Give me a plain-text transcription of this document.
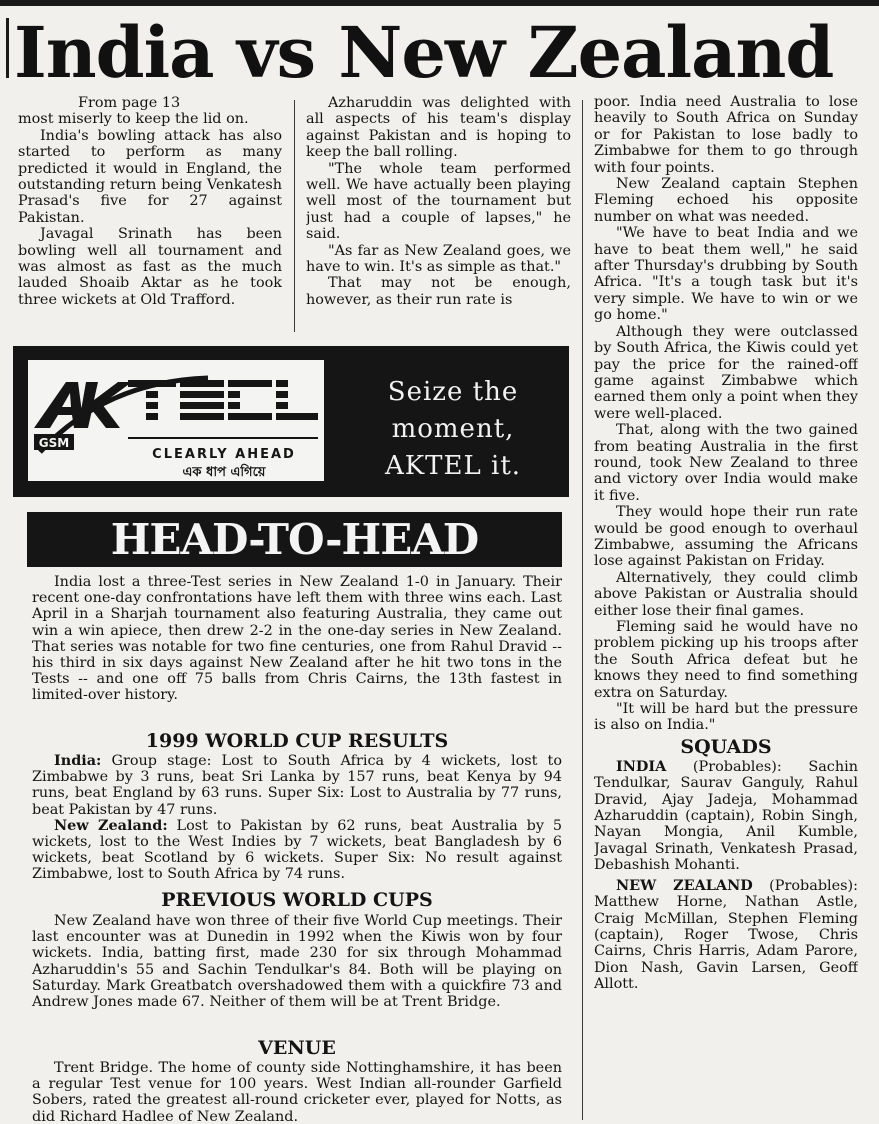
India vs New Zealand

From page 13

most miserly to keep the lid on.

India's bowling attack has also started to perform as many predicted it would in England, the outstanding return being Venkatesh Prasad's five for 27 against Pakistan.

Javagal Srinath has been bowling well all tournament and was almost as fast as the much lauded Shoaib Aktar as he took three wickets at Old Trafford.

Azharuddin was delighted with all aspects of his team's display against Pakistan and is hoping to keep the ball rolling.

"The whole team performed well. We have actually been playing well most of the tournament but just had a couple of lapses," he said.

"As far as New Zealand goes, we have to win. It's as simple as that."

That may not be enough, however, as their run rate is

poor. India need Australia to lose heavily to South Africa on Sunday or for Pakistan to lose badly to Zimbabwe for them to go through with four points.

New Zealand captain Stephen Fleming echoed his opposite number on what was needed.

"We have to beat India and we have to beat them well," he said after Thursday's drubbing by South Africa. "It's a tough task but it's very simple. We have to win or we go home."

Although they were outclassed by South Africa, the Kiwis could yet pay the price for the rained-off game against Zimbabwe which earned them only a point when they were well-placed.

That, along with the two gained from beating Australia in the first round, took New Zealand to three and victory over India would make it five.

They would hope their run rate would be good enough to overhaul Zimbabwe, assuming the Africans lose against Pakistan on Friday.

Alternatively, they could climb above Pakistan or Australia should either lose their final games.

Fleming said he would have no problem picking up his troops after the South Africa defeat but he knows they need to find something extra on Saturday.

"It will be hard but the pressure is also on India."

SQUADS

INDIA (Probables): Sachin Tendulkar, Saurav Ganguly, Rahul Dravid, Ajay Jadeja, Mohammad Azharuddin (captain), Robin Singh, Nayan Mongia, Anil Kumble, Javagal Srinath, Venkatesh Prasad, Debashish Mohanti.

NEW ZEALAND (Probables): Matthew Horne, Nathan Astle, Craig McMillan, Stephen Fleming (captain), Roger Twose, Chris Cairns, Chris Harris, Adam Parore, Dion Nash, Gavin Larsen, Geoff Allott.

GSM
CLEARLY AHEAD
এক ধাপ এগিয়ে
Seize the
moment,
AKTEL it.
HEAD-TO-HEAD

India lost a three-Test series in New Zealand 1-0 in January. Their recent one-day confrontations have left them with three wins each. Last April in a Sharjah tournament also featuring Australia, they came out win a win apiece, then drew 2-2 in the one-day series in New Zealand. That series was notable for two fine centuries, one from Rahul Dravid -- his third in six days against New Zealand after he hit two tons in the Tests -- and one off 75 balls from Chris Cairns, the 13th fastest in limited-over history.

1999 WORLD CUP RESULTS

India: Group stage: Lost to South Africa by 4 wickets, lost to Zimbabwe by 3 runs, beat Sri Lanka by 157 runs, beat Kenya by 94 runs, beat England by 63 runs. Super Six: Lost to Australia by 77 runs, beat Pakistan by 47 runs.

New Zealand: Lost to Pakistan by 62 runs, beat Australia by 5 wickets, lost to the West Indies by 7 wickets, beat Bangladesh by 6 wickets, beat Scotland by 6 wickets. Super Six: No result against Zimbabwe, lost to South Africa by 74 runs.

PREVIOUS WORLD CUPS

New Zealand have won three of their five World Cup meetings. Their last encounter was at Dunedin in 1992 when the Kiwis won by four wickets. India, batting first, made 230 for six through Mohammad Azharuddin's 55 and Sachin Tendulkar's 84. Both will be playing on Saturday. Mark Greatbatch overshadowed them with a quickfire 73 and Andrew Jones made 67. Neither of them will be at Trent Bridge.

VENUE

Trent Bridge. The home of county side Nottinghamshire, it has been a regular Test venue for 100 years. West Indian all-rounder Garfield Sobers, rated the greatest all-round cricketer ever, played for Notts, as did Richard Hadlee of New Zealand.
